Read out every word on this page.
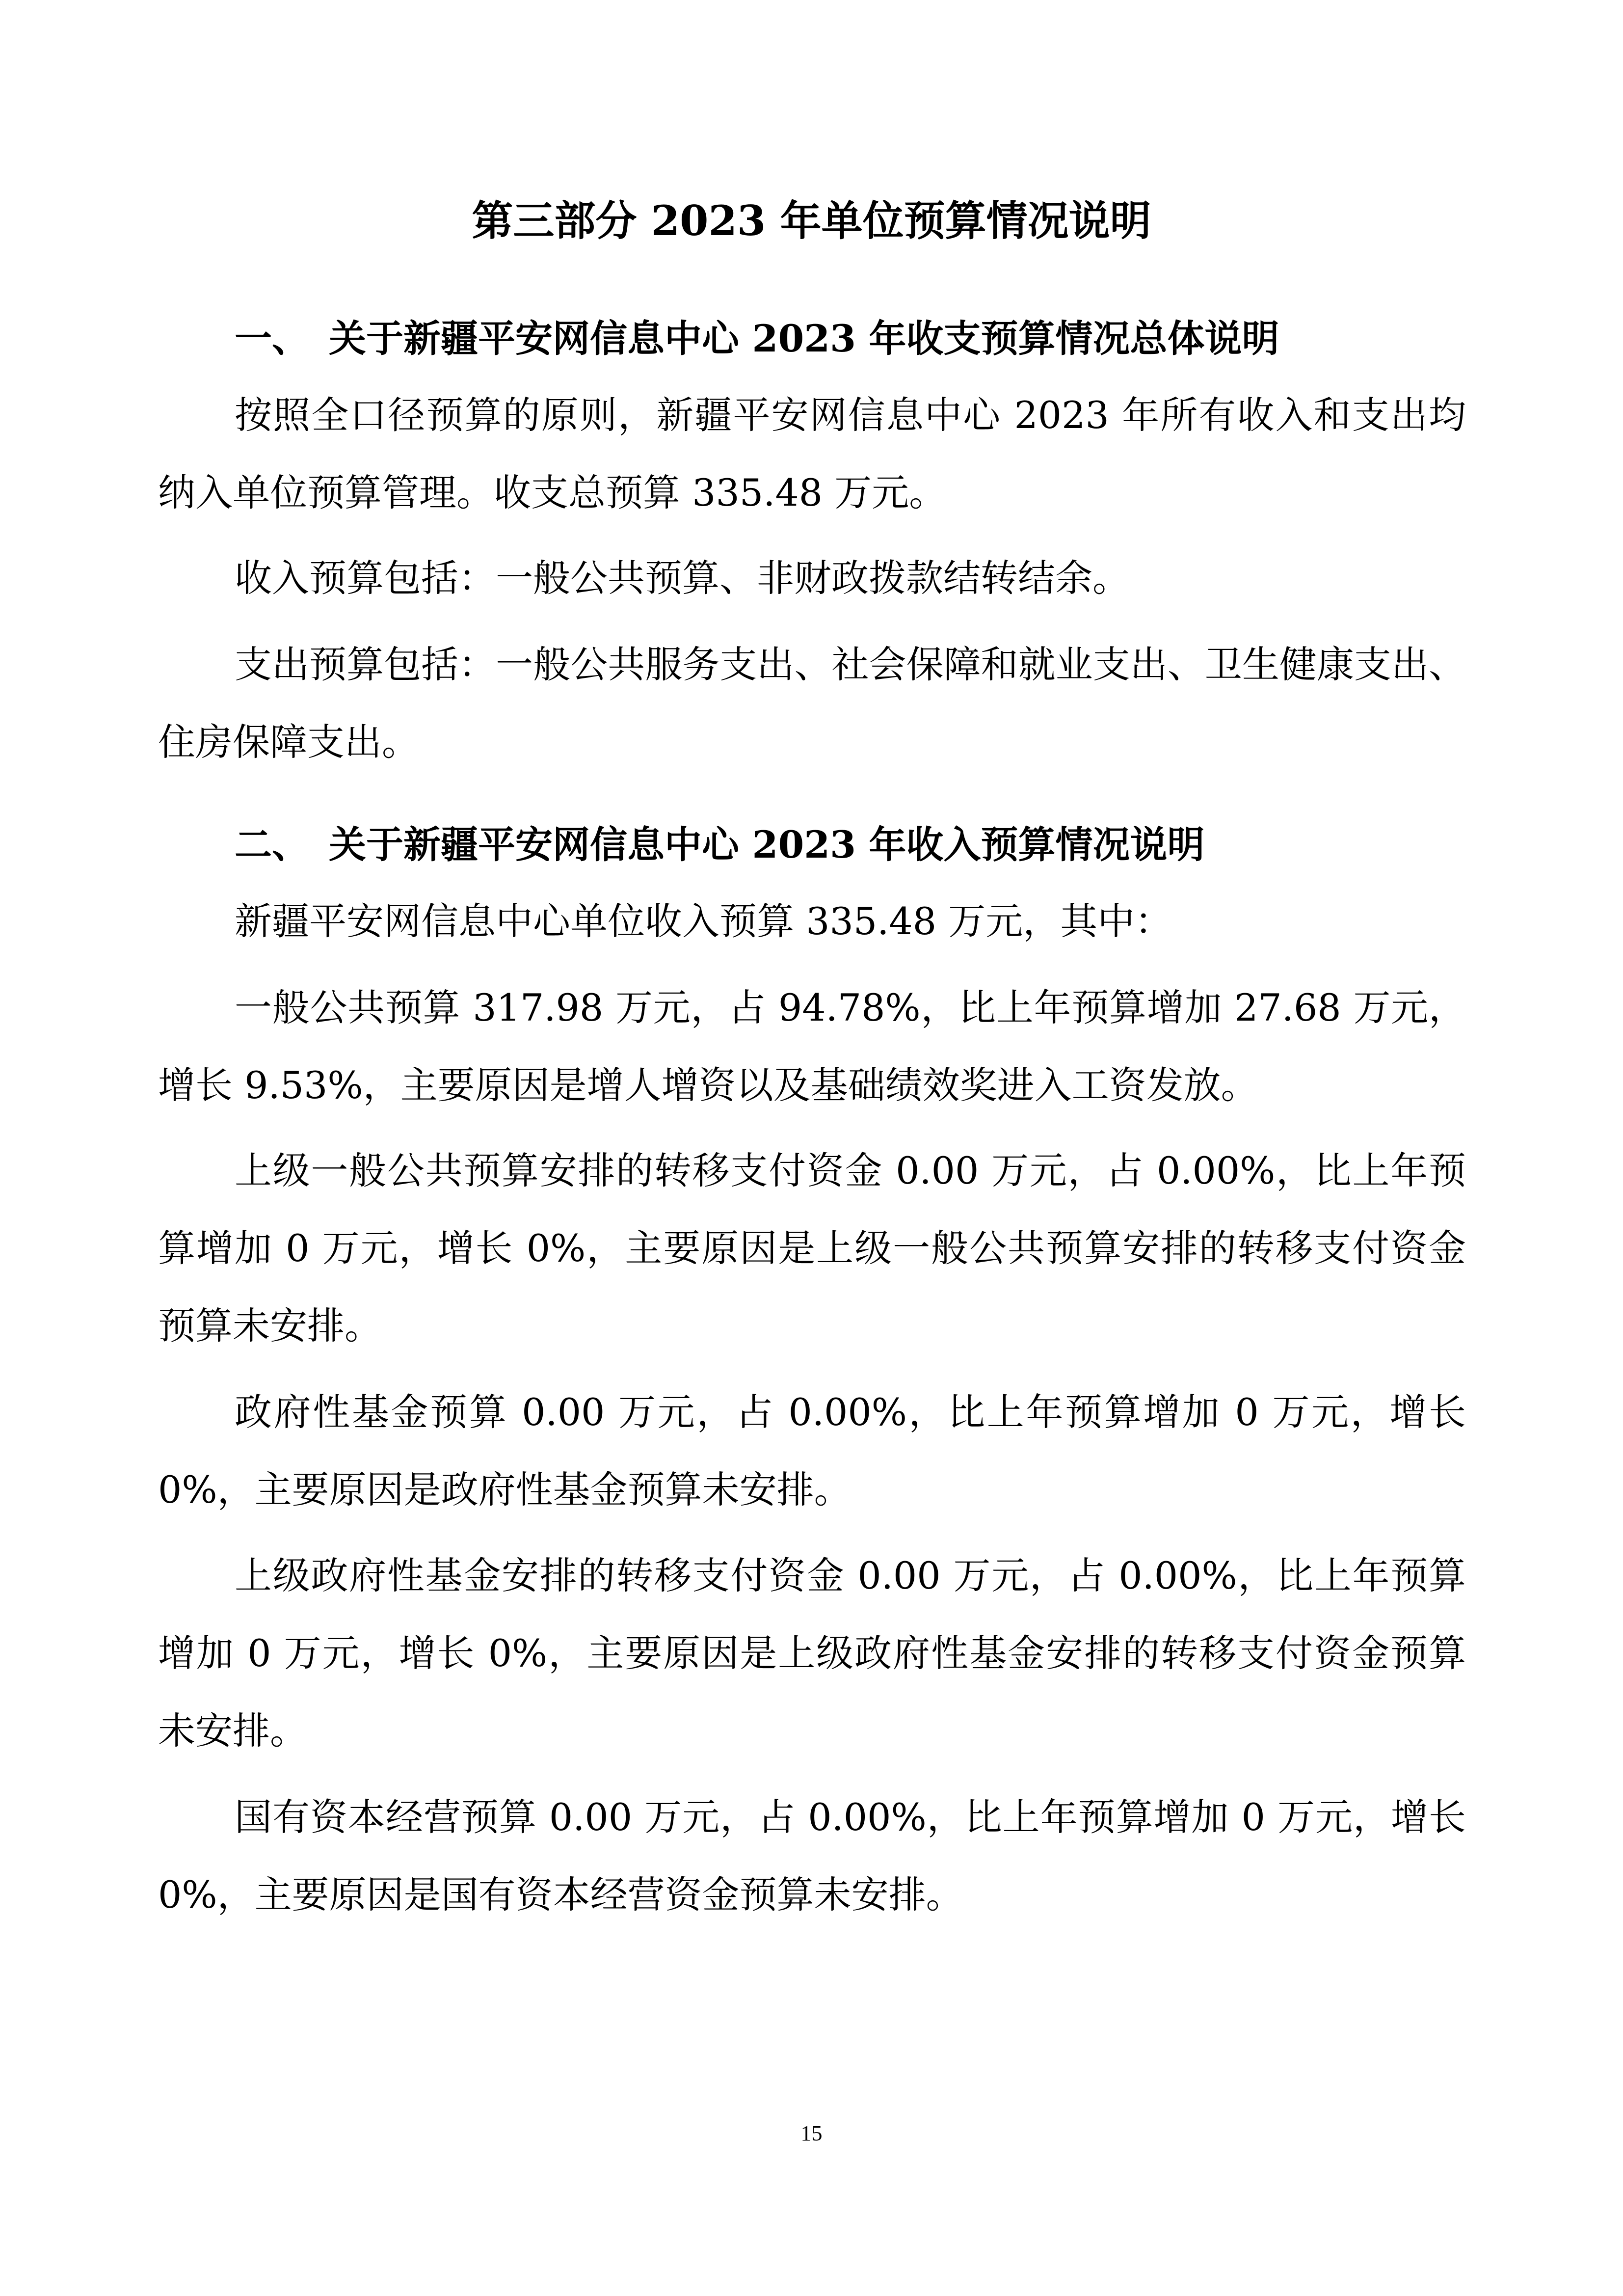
第三部分 2023 年单位预算情况说明
一、 关于新疆平安网信息中心 2023 年收支预算情况总体说明

按照全口径预算的原则，新疆平安网信息中心 2023 年所有收入和支出均纳入单位预算管理。收支总预算 335.48 万元。

收入预算包括：一般公共预算、非财政拨款结转结余。

支出预算包括：一般公共服务支出、社会保障和就业支出、卫生健康支出、住房保障支出。

二、 关于新疆平安网信息中心 2023 年收入预算情况说明

新疆平安网信息中心单位收入预算 335.48 万元，其中：

一般公共预算 317.98 万元，占 94.78%，比上年预算增加 27.68 万元，增长 9.53%，主要原因是增人增资以及基础绩效奖进入工资发放。

上级一般公共预算安排的转移支付资金 0.00 万元，占 0.00%，比上年预算增加 0 万元，增长 0%，主要原因是上级一般公共预算安排的转移支付资金预算未安排。

政府性基金预算 0.00 万元，占 0.00%，比上年预算增加 0 万元，增长 0%，主要原因是政府性基金预算未安排。

上级政府性基金安排的转移支付资金 0.00 万元，占 0.00%，比上年预算增加 0 万元，增长 0%，主要原因是上级政府性基金安排的转移支付资金预算未安排。

国有资本经营预算 0.00 万元，占 0.00%，比上年预算增加 0 万元，增长 0%，主要原因是国有资本经营资金预算未安排。

15
